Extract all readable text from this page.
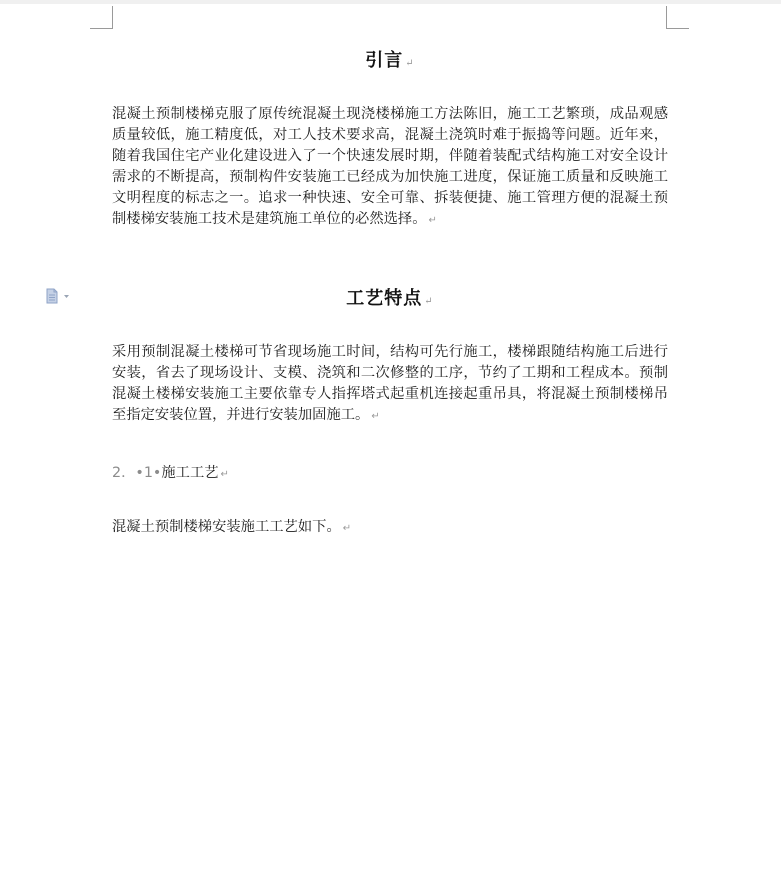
引言 ↵
混凝土预制楼梯克服了原传统混凝土现浇楼梯施工方法陈旧，施工工艺繁琐，成品观感质量较低，施工精度低，对工人技术要求高，混凝土浇筑时难于振捣等问题。近年来，随着我国住宅产业化建设进入了一个快速发展时期，伴随着装配式结构施工对安全设计需求的不断提高，预制构件安装施工已经成为加快施工进度，保证施工质量和反映施工文明程度的标志之一。追求一种快速、安全可靠、拆装便捷、施工管理方便的混凝土预制楼梯安装施工技术是建筑施工单位的必然选择。 ↵
工艺特点 ↵
采用预制混凝土楼梯可节省现场施工时间，结构可先行施工，楼梯跟随结构施工后进行安装，省去了现场设计、支模、浇筑和二次修整的工序，节约了工期和工程成本。预制混凝土楼梯安装施工主要依靠专人指挥塔式起重机连接起重吊具，将混凝土预制楼梯吊至指定安装位置，并进行安装加固施工。 ↵
2．•1•施工工艺 ↵
混凝土预制楼梯安装施工工艺如下。 ↵
